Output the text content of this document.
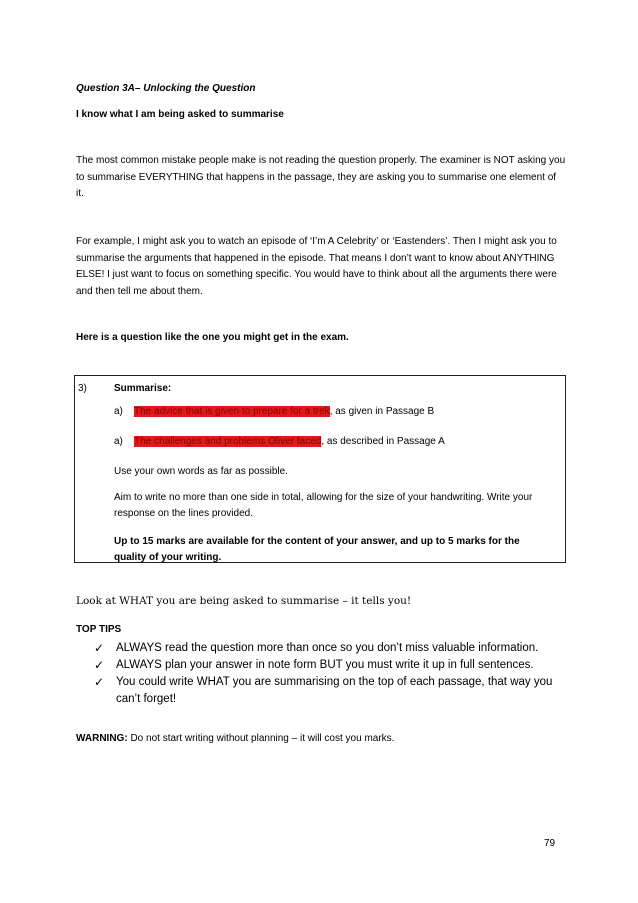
Question 3A– Unlocking the Question
I know what I am being asked to summarise

The most common mistake people make is not reading the question properly. The examiner is NOT asking you to summarise EVERYTHING that happens in the passage, they are asking you to summarise one element of it.

For example, I might ask you to watch an episode of ‘I’m A Celebrity’ or ‘Eastenders’. Then I might ask you to summarise the arguments that happened in the episode. That means I don’t want to know about ANYTHING ELSE! I just want to focus on something specific. You would have to think about all the arguments there were and then tell me about them.

Here is a question like the one you might get in the exam.
3)	Summarise:
a) The advice that is given to prepare for a trek, as given in Passage B
a) The challenges and problems Oliver faced, as described in Passage A

Use your own words as far as possible.

Aim to write no more than one side in total, allowing for the size of your handwriting. Write your response on the lines provided.

Up to 15 marks are available for the content of your answer, and up to 5 marks for the quality of your writing.

Look at WHAT you are being asked to summarise – it tells you!
TOP TIPS
✓ ALWAYS read the question more than once so you don’t miss valuable information.
✓ ALWAYS plan your answer in note form BUT you must write it up in full sentences.
✓ You could write WHAT you are summarising on the top of each passage, that way you can’t forget!
WARNING: Do not start writing without planning – it will cost you marks.
79
